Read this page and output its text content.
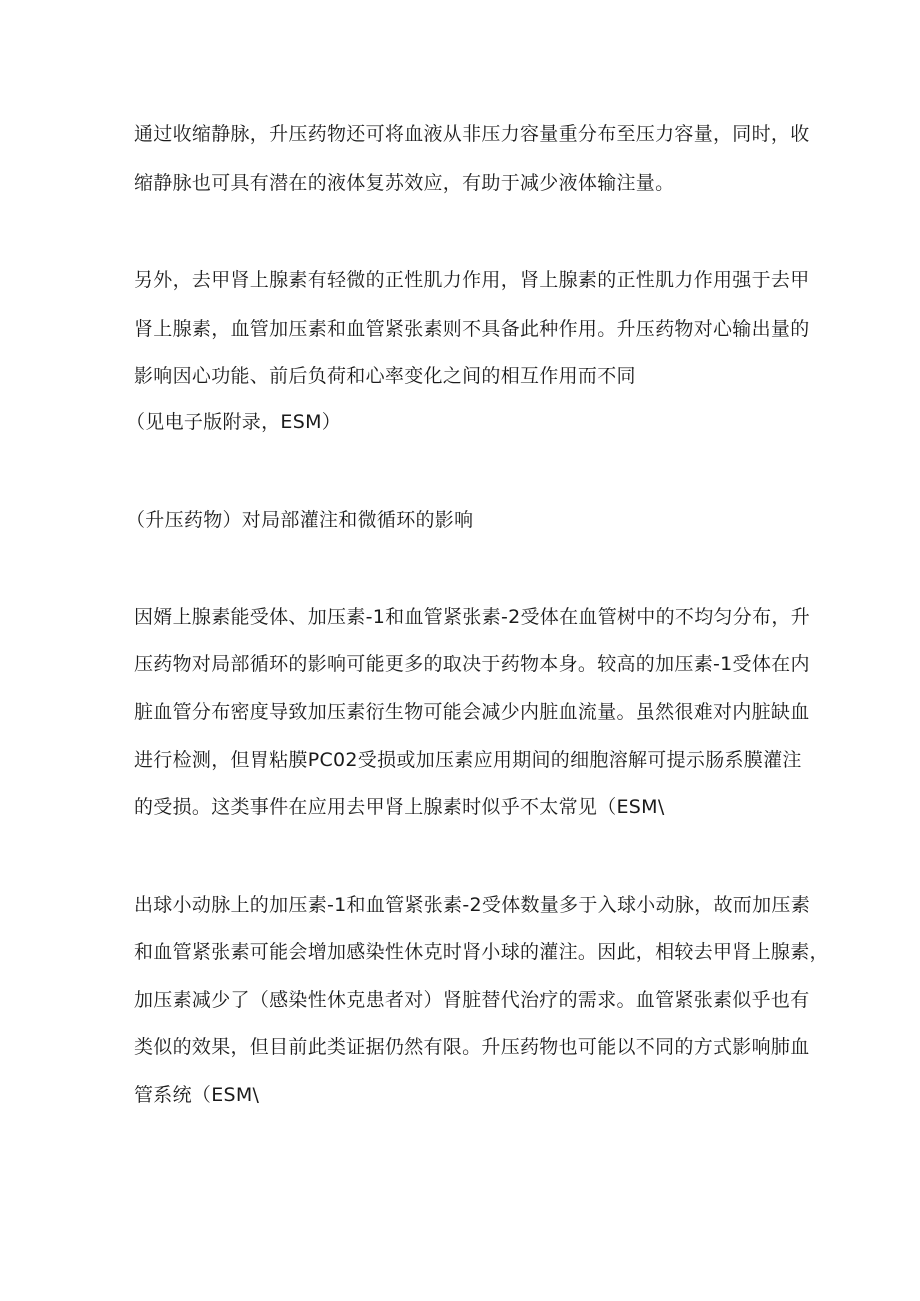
通过收缩静脉，升压药物还可将血液从非压力容量重分布至压力容量，同时，收
缩静脉也可具有潜在的液体复苏效应，有助于减少液体输注量。
另外，去甲肾上腺素有轻微的正性肌力作用，肾上腺素的正性肌力作用强于去甲
肾上腺素，血管加压素和血管紧张素则不具备此种作用。升压药物对心输出量的
影响因心功能、前后负荷和心率变化之间的相互作用而不同
（见电子版附录，ESM）
（升压药物）对局部灌注和微循环的影响
因婿上腺素能受体、加压素-1和血管紧张素-2受体在血管树中的不均匀分布，升
压药物对局部循环的影响可能更多的取决于药物本身。较高的加压素-1受体在内
脏血管分布密度导致加压素衍生物可能会减少内脏血流量。虽然很难对内脏缺血
进行检测，但胃粘膜PC02受损或加压素应用期间的细胞溶解可提示肠系膜灌注
的受损。这类事件在应用去甲肾上腺素时似乎不太常见（ESM\
出球小动脉上的加压素-1和血管紧张素-2受体数量多于入球小动脉，故而加压素
和血管紧张素可能会增加感染性休克时肾小球的灌注。因此，相较去甲肾上腺素，
加压素减少了（感染性休克患者对）肾脏替代治疗的需求。血管紧张素似乎也有
类似的效果，但目前此类证据仍然有限。升压药物也可能以不同的方式影响肺血
管系统（ESM\
